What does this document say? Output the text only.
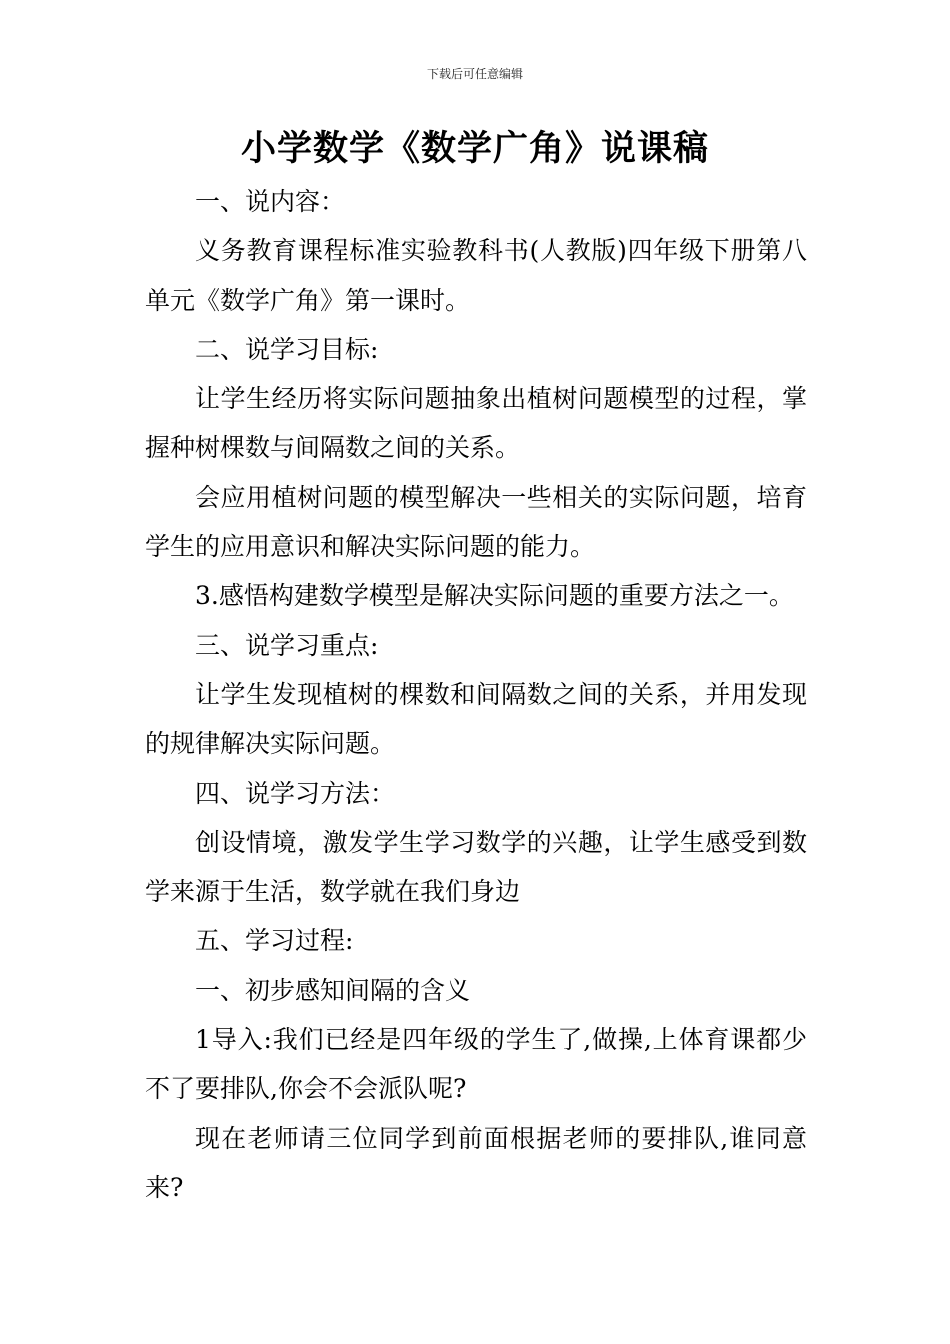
下载后可任意编辑
小学数学《数学广角》说课稿

一、说内容：

义务教育课程标准实验教科书(人教版)四年级下册第八单元《数学广角》第一课时。

二、说学习目标:

让学生经历将实际问题抽象出植树问题模型的过程，掌握种树棵数与间隔数之间的关系。

会应用植树问题的模型解决一些相关的实际问题，培育学生的应用意识和解决实际问题的能力。

3.感悟构建数学模型是解决实际问题的重要方法之一。

三、说学习重点:

让学生发现植树的棵数和间隔数之间的关系，并用发现的规律解决实际问题。

四、说学习方法：

创设情境，激发学生学习数学的兴趣，让学生感受到数学来源于生活，数学就在我们身边

五、学习过程:

一、初步感知间隔的含义

1导入:我们已经是四年级的学生了,做操,上体育课都少不了要排队,你会不会派队呢?

现在老师请三位同学到前面根据老师的要排队,谁同意来?
